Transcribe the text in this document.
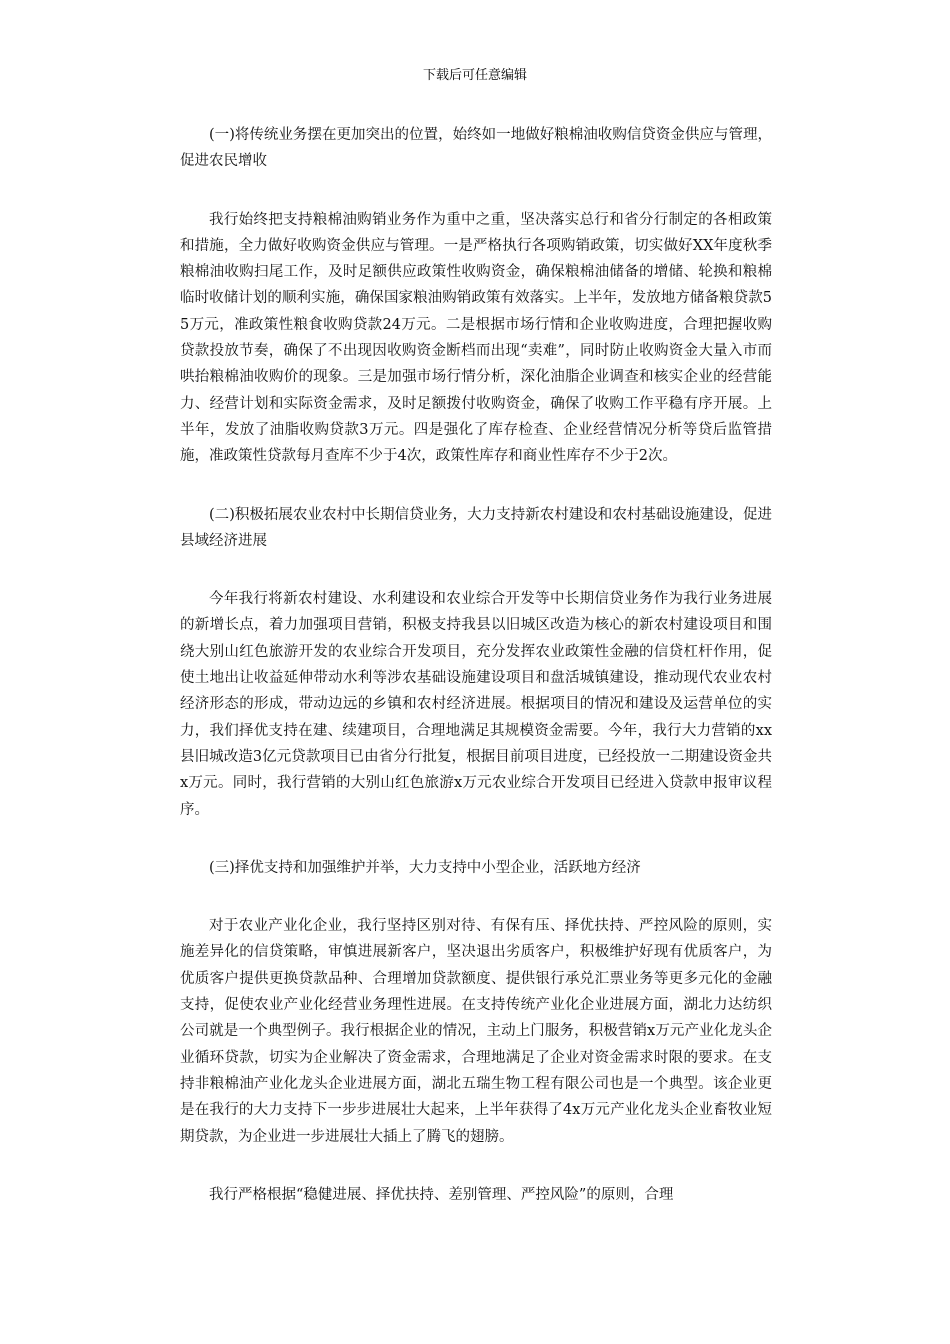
下载后可任意编辑

(一)将传统业务摆在更加突出的位置，始终如一地做好粮棉油收购信贷资金供应与管理，促进农民增收

我行始终把支持粮棉油购销业务作为重中之重，坚决落实总行和省分行制定的各相政策和措施，全力做好收购资金供应与管理。一是严格执行各项购销政策，切实做好XX年度秋季粮棉油收购扫尾工作，及时足额供应政策性收购资金，确保粮棉油储备的增储、轮换和粮棉临时收储计划的顺利实施，确保国家粮油购销政策有效落实。上半年，发放地方储备粮贷款55万元，准政策性粮食收购贷款24万元。二是根据市场行情和企业收购进度，合理把握收购贷款投放节奏，确保了不出现因收购资金断档而出现“卖难”，同时防止收购资金大量入市而哄抬粮棉油收购价的现象。三是加强市场行情分析，深化油脂企业调查和核实企业的经营能力、经营计划和实际资金需求，及时足额拨付收购资金，确保了收购工作平稳有序开展。上半年，发放了油脂收购贷款3万元。四是强化了库存检查、企业经营情况分析等贷后监管措施，准政策性贷款每月查库不少于4次，政策性库存和商业性库存不少于2次。

(二)积极拓展农业农村中长期信贷业务，大力支持新农村建设和农村基础设施建设，促进县域经济进展

今年我行将新农村建设、水利建设和农业综合开发等中长期信贷业务作为我行业务进展的新增长点，着力加强项目营销，积极支持我县以旧城区改造为核心的新农村建设项目和围绕大别山红色旅游开发的农业综合开发项目，充分发挥农业政策性金融的信贷杠杆作用，促使土地出让收益延伸带动水利等涉农基础设施建设项目和盘活城镇建设，推动现代农业农村经济形态的形成，带动边远的乡镇和农村经济进展。根据项目的情况和建设及运营单位的实力，我们择优支持在建、续建项目，合理地满足其规模资金需要。今年，我行大力营销的xx县旧城改造3亿元贷款项目已由省分行批复，根据目前项目进度，已经投放一二期建设资金共x万元。同时，我行营销的大别山红色旅游x万元农业综合开发项目已经进入贷款申报审议程序。

(三)择优支持和加强维护并举，大力支持中小型企业，活跃地方经济

对于农业产业化企业，我行坚持区别对待、有保有压、择优扶持、严控风险的原则，实施差异化的信贷策略，审慎进展新客户，坚决退出劣质客户，积极维护好现有优质客户，为优质客户提供更换贷款品种、合理增加贷款额度、提供银行承兑汇票业务等更多元化的金融支持，促使农业产业化经营业务理性进展。在支持传统产业化企业进展方面，湖北力达纺织公司就是一个典型例子。我行根据企业的情况，主动上门服务，积极营销x万元产业化龙头企业循环贷款，切实为企业解决了资金需求，合理地满足了企业对资金需求时限的要求。在支持非粮棉油产业化龙头企业进展方面，湖北五瑞生物工程有限公司也是一个典型。该企业更是在我行的大力支持下一步步进展壮大起来，上半年获得了4x万元产业化龙头企业畜牧业短期贷款，为企业进一步进展壮大插上了腾飞的翅膀。

我行严格根据“稳健进展、择优扶持、差别管理、严控风险”的原则，合理
